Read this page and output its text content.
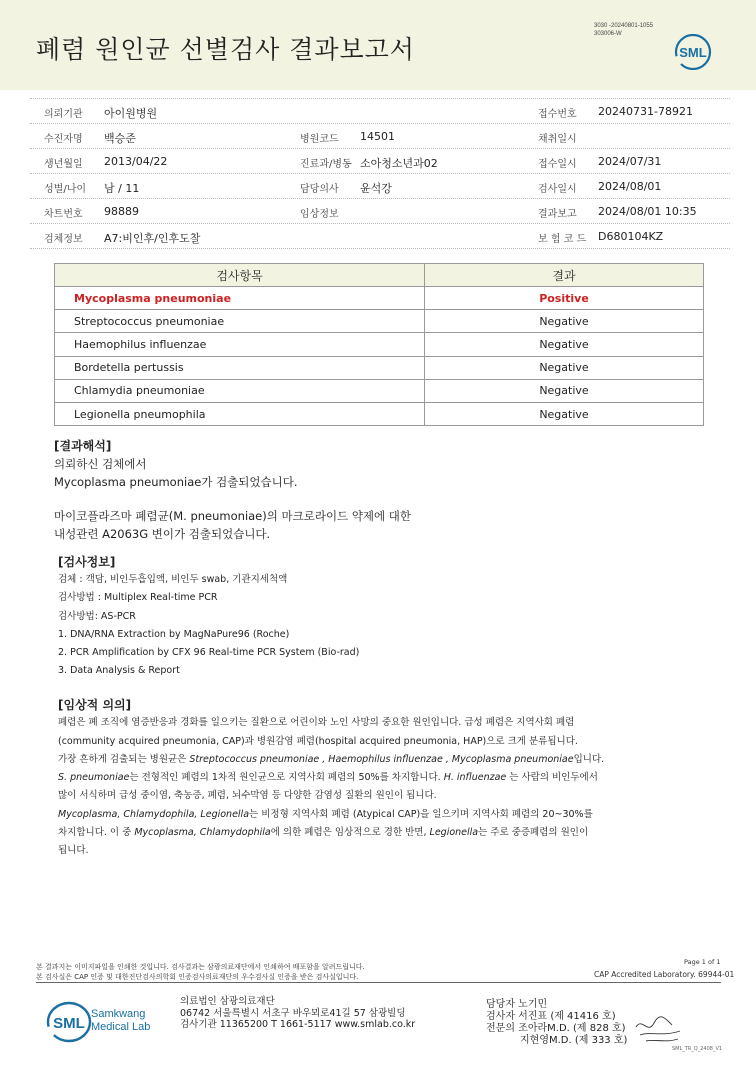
폐렴 원인균 선별검사 결과보고서
3030 -20240801-1055
303006-W
SML
의뢰기관 아이원병원	접수번호 20240731-78921
수진자명 백승준	병원코드 14501	채취일시
생년월일 2013/04/22	진료과/병동 소아청소년과02	접수일시 2024/07/31
성별/나이 남 / 11	담당의사 윤석강	검사일시 2024/08/01
차트번호 98889	임상정보	결과보고 2024/08/01 10:35
검체정보 A7:비인후/인후도찰	보 험 코 드 D680104KZ
검사항목	결과
Mycoplasma pneumoniae	Positive
Streptococcus pneumoniae	Negative
Haemophilus influenzae	Negative
Bordetella pertussis	Negative
Chlamydia pneumoniae	Negative
Legionella pneumophila	Negative
[결과해석]
의뢰하신 검체에서
Mycoplasma pneumoniae가 검출되었습니다.
마이코플라즈마 폐렴균(M. pneumoniae)의 마크로라이드 약제에 대한
내성관련 A2063G 변이가 검출되었습니다.
[검사정보]
검체 : 객담, 비인두흡입액, 비인두 swab, 기관지세척액
검사방법 : Multiplex Real-time PCR
검사방법: AS-PCR
1. DNA/RNA Extraction by MagNaPure96 (Roche)
2. PCR Amplification by CFX 96 Real-time PCR System (Bio-rad)
3. Data Analysis & Report
[임상적 의의]
폐렴은 폐 조직에 염증반응과 경화를 일으키는 질환으로 어린이와 노인 사망의 중요한 원인입니다. 급성 폐렴은 지역사회 폐렴
(community acquired pneumonia, CAP)과 병원감염 폐렴(hospital acquired pneumonia, HAP)으로 크게 분류됩니다.
가장 흔하게 검출되는 병원균은 Streptococcus pneumoniae , Haemophilus influenzae , Mycoplasma pneumoniae입니다.
S. pneumoniae는 전형적인 폐렴의 1차적 원인균으로 지역사회 폐렴의 50%를 차지합니다. H. influenzae 는 사람의 비인두에서
많이 서식하며 급성 중이염, 축농증, 폐렴, 뇌수막염 등 다양한 감염성 질환의 원인이 됩니다.
Mycoplasma, Chlamydophila, Legionella는 비정형 지역사회 폐렴 (Atypical CAP)을 일으키며 지역사회 폐렴의 20~30%를
차지합니다. 이 중 Mycoplasma, Chlamydophila에 의한 폐렴은 임상적으로 경한 반면, Legionella는 주로 중증폐렴의 원인이
됩니다.
본 결과지는 이미지파일을 인쇄한 것입니다. 검사결과는 삼광의료재단에서 인쇄하여 배포함을 알려드립니다.
본 검사실은 CAP 인증 및 대한진단검사의학회 인증검사의료재단의 우수검사실 인증을 받은 검사실입니다.
Page 1 of 1
CAP Accredited Laboratory. 69944-01
SML
Samkwang
Medical Lab
의료법인 삼광의료재단
06742 서울특별시 서초구 바우뫼로41길 57 삼광빌딩
검사기관 11365200 T 1661-5117 www.smlab.co.kr
담당자 노기민
검사자 서진표 (제 41416 호)
전문의 조아라M.D. (제 828 호)
지현영M.D. (제 333 호)
SML_TR_Q_2408_V1
